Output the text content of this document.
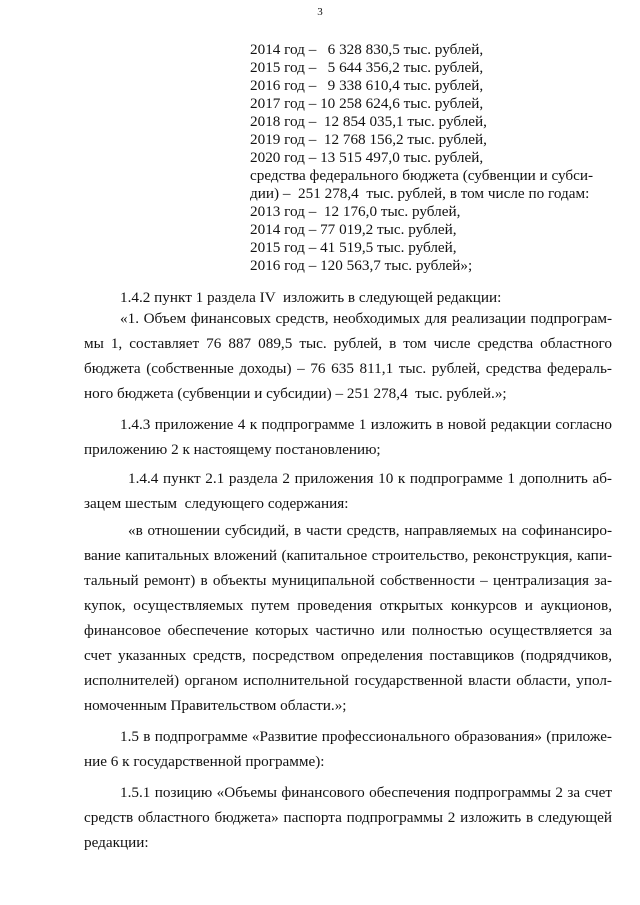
3
2014 год –   6 328 830,5 тыс. рублей,
2015 год –   5 644 356,2 тыс. рублей,
2016 год –   9 338 610,4 тыс. рублей,
2017 год – 10 258 624,6 тыс. рублей,
2018 год –  12 854 035,1 тыс. рублей,
2019 год –  12 768 156,2 тыс. рублей,
2020 год – 13 515 497,0 тыс. рублей,
средства федерального бюджета (субвенции и субси-
дии) –  251 278,4  тыс. рублей, в том числе по годам:
2013 год –  12 176,0 тыс. рублей,
2014 год – 77 019,2 тыс. рублей,
2015 год – 41 519,5 тыс. рублей,
2016 год – 120 563,7 тыс. рублей»;
1.4.2 пункт 1 раздела IV  изложить в следующей редакции:
«1. Объем финансовых средств, необходимых для реализации подпрограм-
мы 1, составляет 76 887 089,5 тыс. рублей, в том числе средства областного
бюджета (собственные доходы) – 76 635 811,1 тыс. рублей, средства федераль-
ного бюджета (субвенции и субсидии) – 251 278,4  тыс. рублей.»;
1.4.3 приложение 4 к подпрограмме 1 изложить в новой редакции согласно
приложению 2 к настоящему постановлению;
1.4.4 пункт 2.1 раздела 2 приложения 10 к подпрограмме 1 дополнить аб-
зацем шестым  следующего содержания:
«в отношении субсидий, в части средств, направляемых на софинансиро-
вание капитальных вложений (капитальное строительство, реконструкция, капи-
тальный ремонт) в объекты муниципальной собственности – централизация за-
купок, осуществляемых путем проведения открытых конкурсов и аукционов,
финансовое обеспечение которых частично или полностью осуществляется за
счет указанных средств, посредством определения поставщиков (подрядчиков,
исполнителей) органом исполнительной государственной власти области, упол-
номоченным Правительством области.»;
1.5 в подпрограмме «Развитие профессионального образования» (приложе-
ние 6 к государственной программе):
1.5.1 позицию «Объемы финансового обеспечения подпрограммы 2 за счет
средств областного бюджета» паспорта подпрограммы 2 изложить в следующей
редакции:
